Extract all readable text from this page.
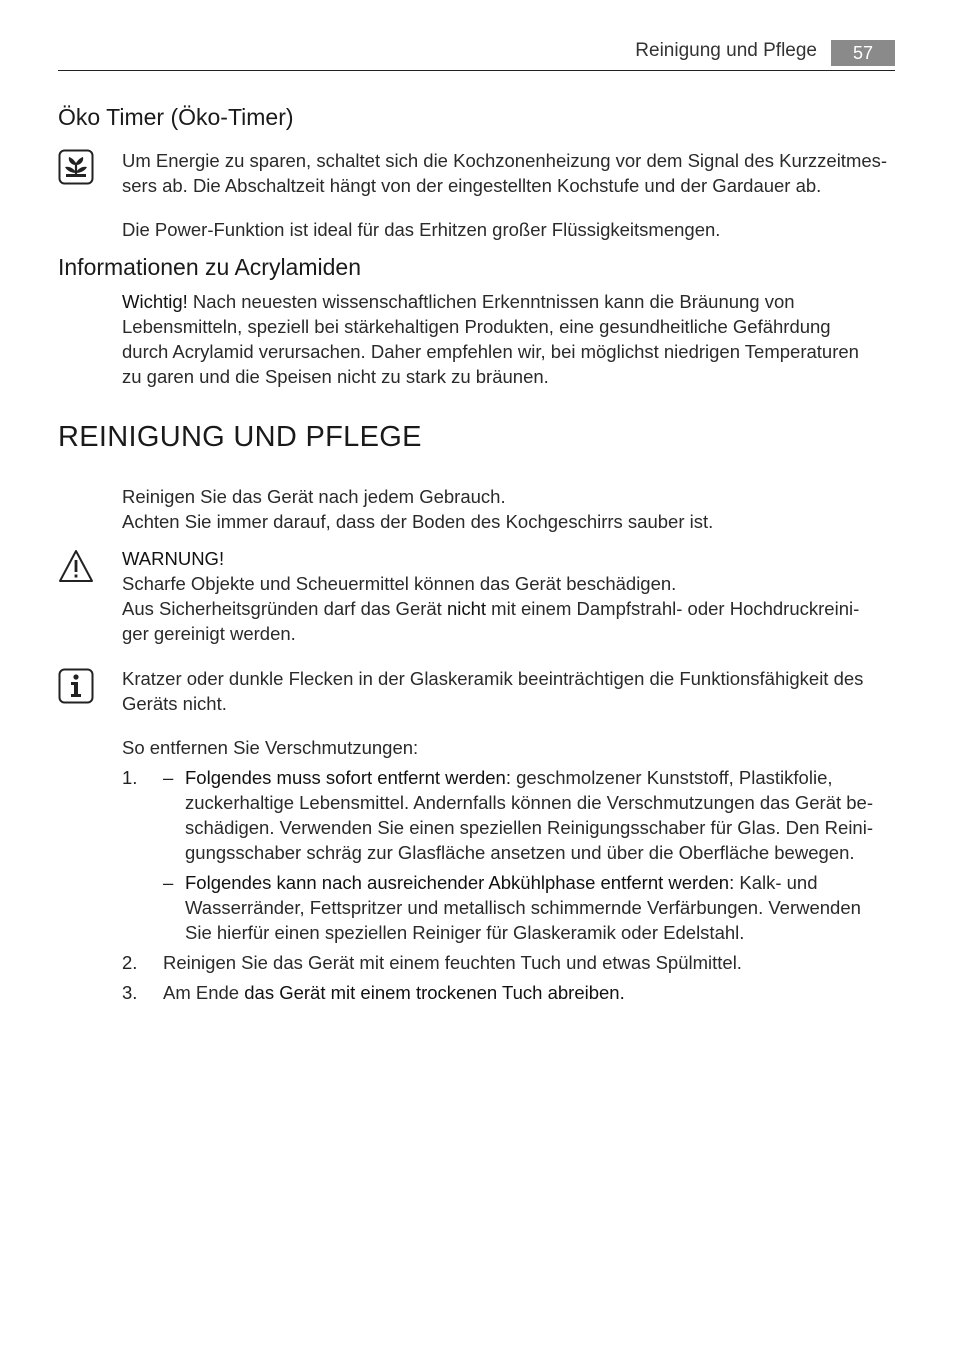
Reinigung und Pflege	57
Öko Timer (Öko-Timer)
Um Energie zu sparen, schaltet sich die Kochzonenheizung vor dem Signal des Kurzzeitmes-
sers ab. Die Abschaltzeit hängt von der eingestellten Kochstufe und der Gardauer ab.
Die Power-Funktion ist ideal für das Erhitzen großer Flüssigkeitsmengen.
Informationen zu Acrylamiden
Wichtig! Nach neuesten wissenschaftlichen Erkenntnissen kann die Bräunung von
Lebensmitteln, speziell bei stärkehaltigen Produkten, eine gesundheitliche Gefährdung
durch Acrylamid verursachen. Daher empfehlen wir, bei möglichst niedrigen Temperaturen
zu garen und die Speisen nicht zu stark zu bräunen.
REINIGUNG UND PFLEGE
Reinigen Sie das Gerät nach jedem Gebrauch.
Achten Sie immer darauf, dass der Boden des Kochgeschirrs sauber ist.
WARNUNG!
Scharfe Objekte und Scheuermittel können das Gerät beschädigen.
Aus Sicherheitsgründen darf das Gerät nicht mit einem Dampfstrahl- oder Hochdruckreini-
ger gereinigt werden.
Kratzer oder dunkle Flecken in der Glaskeramik beeinträchtigen die Funktionsfähigkeit des
Geräts nicht.
So entfernen Sie Verschmutzungen:
1. – Folgendes muss sofort entfernt werden: geschmolzener Kunststoff, Plastikfolie,
zuckerhaltige Lebensmittel. Andernfalls können die Verschmutzungen das Gerät be-
schädigen. Verwenden Sie einen speziellen Reinigungsschaber für Glas. Den Reini-
gungsschaber schräg zur Glasfläche ansetzen und über die Oberfläche bewegen.
– Folgendes kann nach ausreichender Abkühlphase entfernt werden: Kalk- und
Wasserränder, Fettspritzer und metallisch schimmernde Verfärbungen. Verwenden
Sie hierfür einen speziellen Reiniger für Glaskeramik oder Edelstahl.
2. Reinigen Sie das Gerät mit einem feuchten Tuch und etwas Spülmittel.
3. Am Ende das Gerät mit einem trockenen Tuch abreiben.
